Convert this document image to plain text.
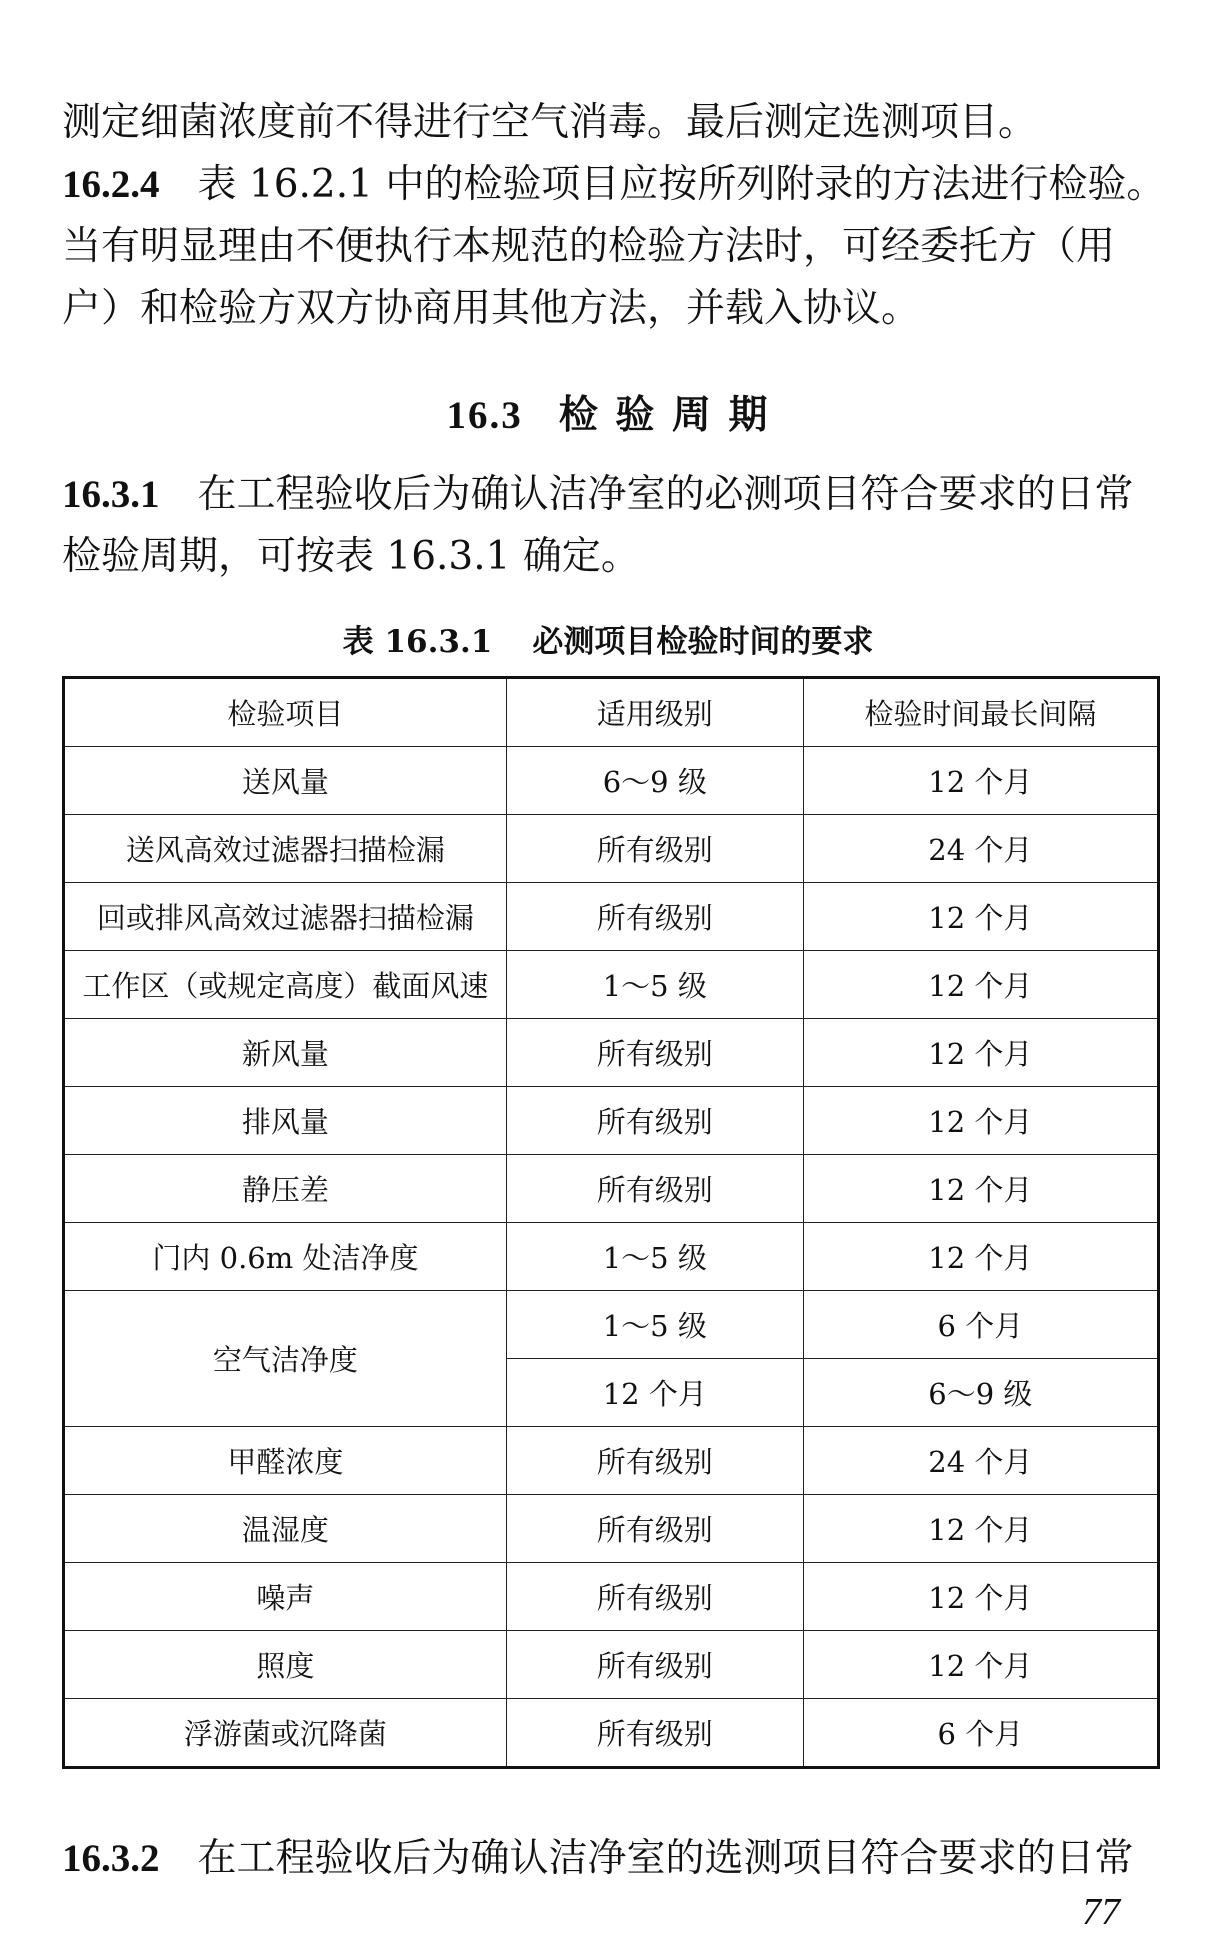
测定细菌浓度前不得进行空气消毒。最后测定选测项目。
16.2.4 表 16.2.1 中的检验项目应按所列附录的方法进行检验。
当有明显理由不便执行本规范的检验方法时，可经委托方（用
户）和检验方双方协商用其他方法，并载入协议。
16.3 检 验 周 期
16.3.1 在工程验收后为确认洁净室的必测项目符合要求的日常
检验周期，可按表 16.3.1 确定。
表 16.3.1 必测项目检验时间的要求
检验项目	适用级别	检验时间最长间隔
送风量	6～9 级	12 个月
送风高效过滤器扫描检漏	所有级别	24 个月
回或排风高效过滤器扫描检漏	所有级别	12 个月
工作区（或规定高度）截面风速	1～5 级	12 个月
新风量	所有级别	12 个月
排风量	所有级别	12 个月
静压差	所有级别	12 个月
门内 0.6m 处洁净度	1～5 级	12 个月
空气洁净度	1～5 级	6 个月
	12 个月	6～9 级
甲醛浓度	所有级别	24 个月
温湿度	所有级别	12 个月
噪声	所有级别	12 个月
照度	所有级别	12 个月
浮游菌或沉降菌	所有级别	6 个月
16.3.2 在工程验收后为确认洁净室的选测项目符合要求的日常
77
